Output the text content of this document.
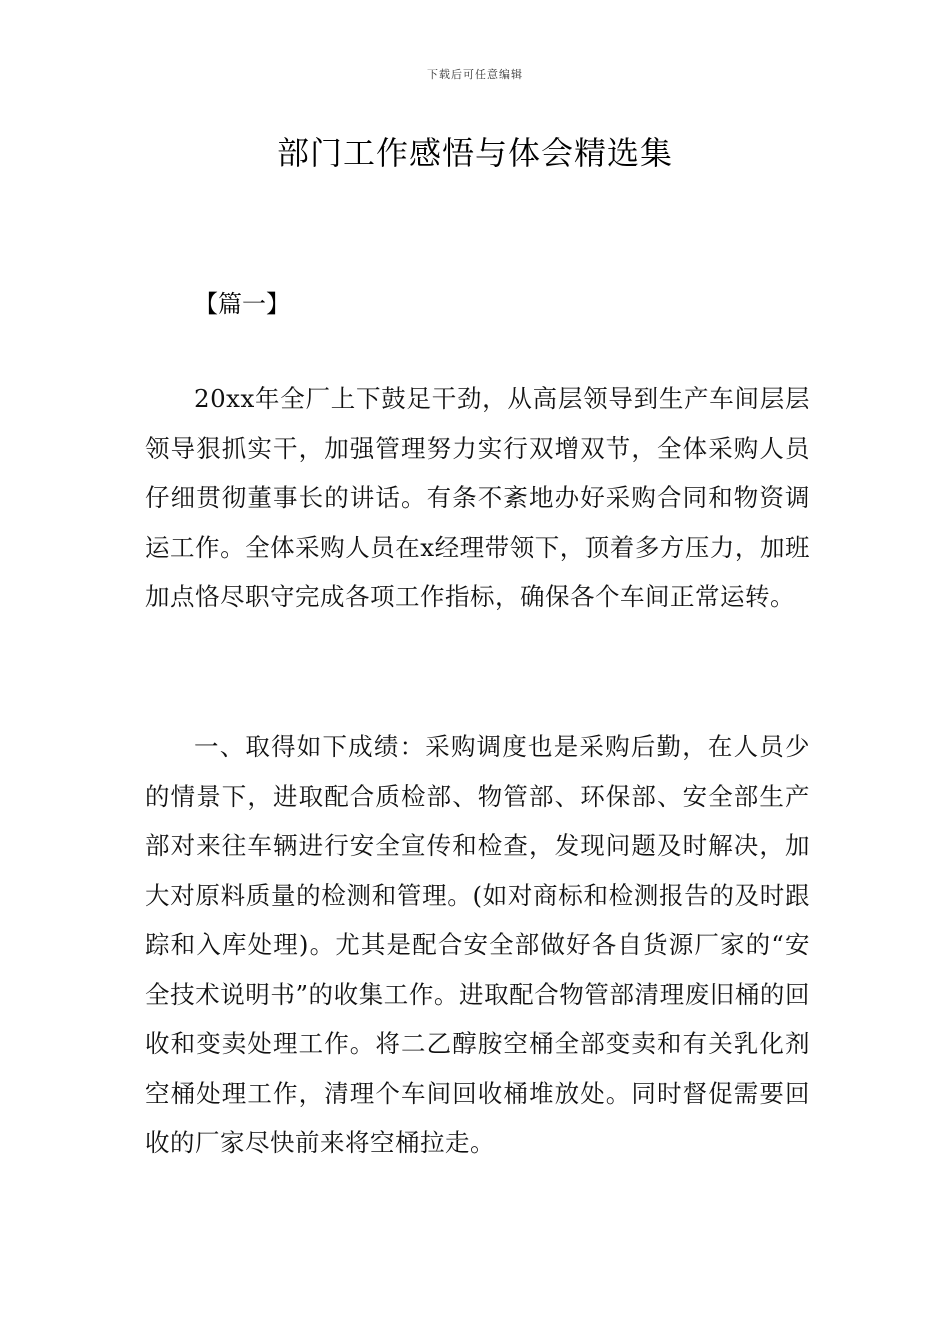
下载后可任意编辑
部门工作感悟与体会精选集
【篇一】

20xx年全厂上下鼓足干劲，从高层领导到生产车间层层领导狠抓实干，加强管理努力实行双增双节，全体采购人员仔细贯彻董事长的讲话。有条不紊地办好采购合同和物资调运工作。全体采购人员在x经理带领下，顶着多方压力，加班加点恪尽职守完成各项工作指标，确保各个车间正常运转。

一、取得如下成绩：采购调度也是采购后勤，在人员少的情景下，进取配合质检部、物管部、环保部、安全部生产部对来往车辆进行安全宣传和检查，发现问题及时解决，加大对原料质量的检测和管理。(如对商标和检测报告的及时跟踪和入库处理)。尤其是配合安全部做好各自货源厂家的“安全技术说明书”的收集工作。进取配合物管部清理废旧桶的回收和变卖处理工作。将二乙醇胺空桶全部变卖和有关乳化剂空桶处理工作，清理个车间回收桶堆放处。同时督促需要回收的厂家尽快前来将空桶拉走。
